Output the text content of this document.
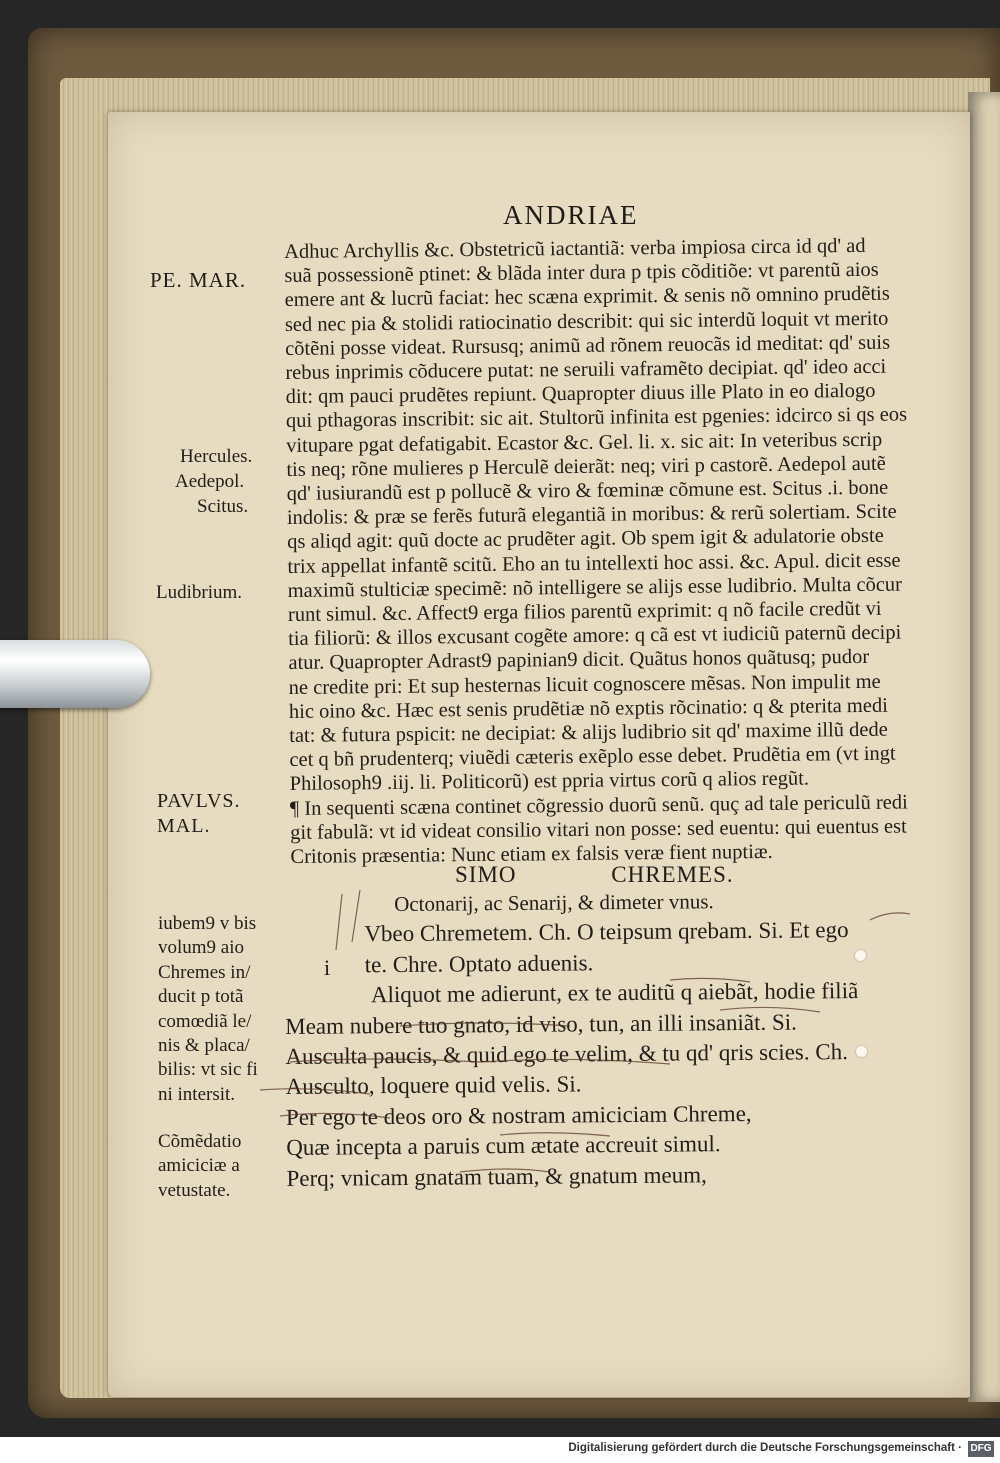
ANDRIAE
PE. MAR.
Hercules.
Aedepol.
Scitus.
Ludibrium.
PAVLVS.
MAL.
Adhuc Archyllis &c. Obstetricũ iactantiã: verba impiosa circa id qd' ad
suã possessionẽ ptinet: & blãda inter dura p tpis cõditiõe: vt parentũ aios
emere ant & lucrũ faciat: hec scæna exprimit. & senis nõ omnino prudẽtis
sed nec pia & stolidi ratiocinatio describit: qui sic interdũ loquit vt merito
cõtẽni posse videat. Rursusq; animũ ad rõnem reuocãs id meditat: qd' suis
rebus inprimis cõducere putat: ne seruili vaframẽto decipiat. qd' ideo acci
dit: qm pauci prudẽtes repiunt. Quapropter diuus ille Plato in eo dialogo
qui pthagoras inscribit: sic ait. Stultorũ infinita est pgenies: idcirco si qs eos
vitupare pgat defatigabit. Ecastor &c. Gel. li. x. sic ait: In veteribus scrip
tis neq; rõne mulieres p Herculẽ deierãt: neq; viri p castorẽ. Aedepol autẽ
qd' iusiurandũ est p pollucẽ & viro & fœminæ cõmune est. Scitus .i. bone
indolis: & præ se ferẽs futurã elegantiã in moribus: & rerũ solertiam. Scite
qs aliqd agit: quũ docte ac prudẽter agit. Ob spem igit & adulatorie obste
trix appellat infantẽ scitũ. Eho an tu intellexti hoc assi. &c. Apul. dicit esse
maximũ stulticiæ specimẽ: nõ intelligere se alijs esse ludibrio. Multa cõcur
runt simul. &c. Affect9 erga filios parentũ exprimit: q nõ facile credũt vi
tia filiorũ: & illos excusant cogẽte amore: q cã est vt iudiciũ paternũ decipi
atur. Quapropter Adrast9 papinian9 dicit. Quãtus honos quãtusq; pudor
ne credite pri: Et sup hesternas licuit cognoscere mẽsas. Non impulit me
hic oino &c. Hæc est senis prudẽtiæ nõ exptis rõcinatio: q & pterita medi
tat: & futura pspicit: ne decipiat: & alijs ludibrio sit qd' maxime illũ dede
cet q bñ prudenterq; viuẽdi cæteris exẽplo esse debet. Prudẽtia em (vt ingt
Philosoph9 .iij. li. Politicorũ) est ppria virtus corũ q alios regũt.
¶ In sequenti scæna continet cõgressio duorũ senũ. quç ad tale periculũ redi
git fabulã: vt id videat consilio vitari non posse: sed euentu: qui euentus est
Critonis præsentia: Nunc etiam ex falsis veræ fient nuptiæ.
SIMO CHREMES.
Octonarij, ac Senarij, & dimeter vnus.
Vbeo Chremetem. Ch. O teipsum qrebam. Si. Et ego
te. Chre. Optato aduenis.
Aliquot me adierunt, ex te auditũ q aiebãt, hodie filiã
Meam nubere tuo gnato, id viso, tun, an illi insaniãt. Si.
Ausculta paucis, & quid ego te velim, & tu qd' qris scies. Ch.
Ausculto, loquere quid velis. Si.
Per ego te deos oro & nostram amiciciam Chreme,
Quæ incepta a paruis cum ætate accreuit simul.
Perq; vnicam gnatam tuam, & gnatum meum,
i
iubem9 v bis
volum9 aio
Chremes in/
ducit p totã
comœdiã le/
nis & placa/
bilis: vt sic fi
ni intersit.
Cõmẽdatio
amiciciæ a
vetustate.
Digitalisierung gefördert durch die Deutsche Forschungsgemeinschaft · DFG
